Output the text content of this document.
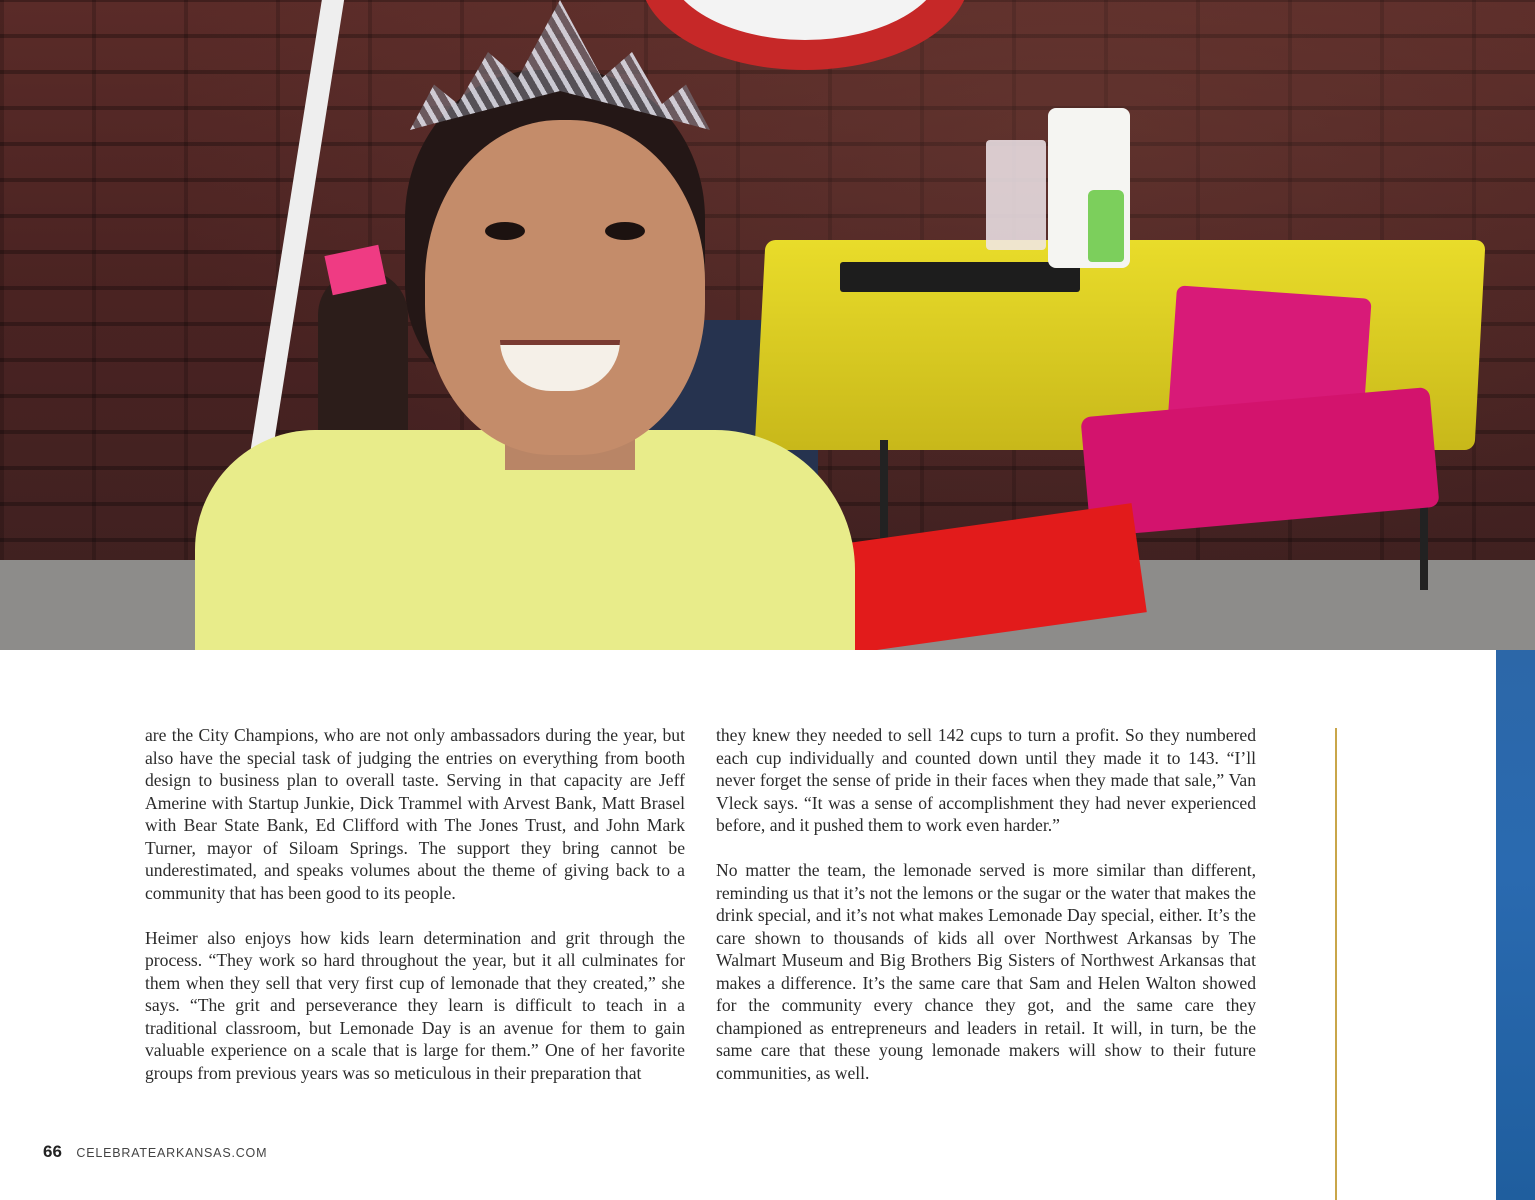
are the City Champions, who are not only ambassadors during the year, but also have the special task of judging the entries on everything from booth design to business plan to overall taste. Serving in that capacity are Jeff Amerine with Startup Junkie, Dick Trammel with Arvest Bank, Matt Brasel with Bear State Bank, Ed Clifford with The Jones Trust, and John Mark Turner, mayor of Siloam Springs. The support they bring cannot be underestimated, and speaks volumes about the theme of giving back to a community that has been good to its people.

Heimer also enjoys how kids learn determination and grit through the process. “They work so hard throughout the year, but it all culminates for them when they sell that very first cup of lemonade that they created,” she says. “The grit and perseverance they learn is difficult to teach in a traditional classroom, but Lemonade Day is an avenue for them to gain valuable experience on a scale that is large for them.” One of her favorite groups from previous years was so meticulous in their preparation that

they knew they needed to sell 142 cups to turn a profit. So they numbered each cup individually and counted down until they made it to 143. “I’ll never forget the sense of pride in their faces when they made that sale,” Van Vleck says. “It was a sense of accomplishment they had never experienced before, and it pushed them to work even harder.”

No matter the team, the lemonade served is more similar than different, reminding us that it’s not the lemons or the sugar or the water that makes the drink special, and it’s not what makes Lemonade Day special, either. It’s the care shown to thousands of kids all over Northwest Arkansas by The Walmart Museum and Big Brothers Big Sisters of Northwest Arkansas that makes a difference. It’s the same care that Sam and Helen Walton showed for the community every chance they got, and the same care they championed as entrepreneurs and leaders in retail. It will, in turn, be the same care that these young lemonade makers will show to their future communities, as well.

66 CELEBRATEARKANSAS.COM
